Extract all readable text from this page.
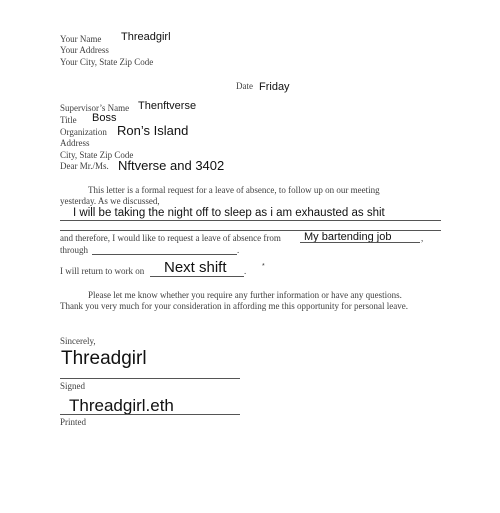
Your Name Threadgirl
Your Address
Your City, State Zip Code
Date Friday
Supervisor’s Name Thenftverse
Title Boss
Organization Ron’s Island
Address
City, State Zip Code
Dear Mr./Ms. Nftverse and 3402
This letter is a formal request for a leave of absence, to follow up on our meeting
yesterday. As we discussed,
I will be taking the night off to sleep as i am exhausted as shit
and therefore, I would like to request a leave of absence from My bartending job	,
through	.
I will return to work on Next shift . *
Please let me know whether you require any further information or have any questions.
Thank you very much for your consideration in affording me this opportunity for personal leave.
Sincerely,
Threadgirl
Signed
Threadgirl.eth
Printed
